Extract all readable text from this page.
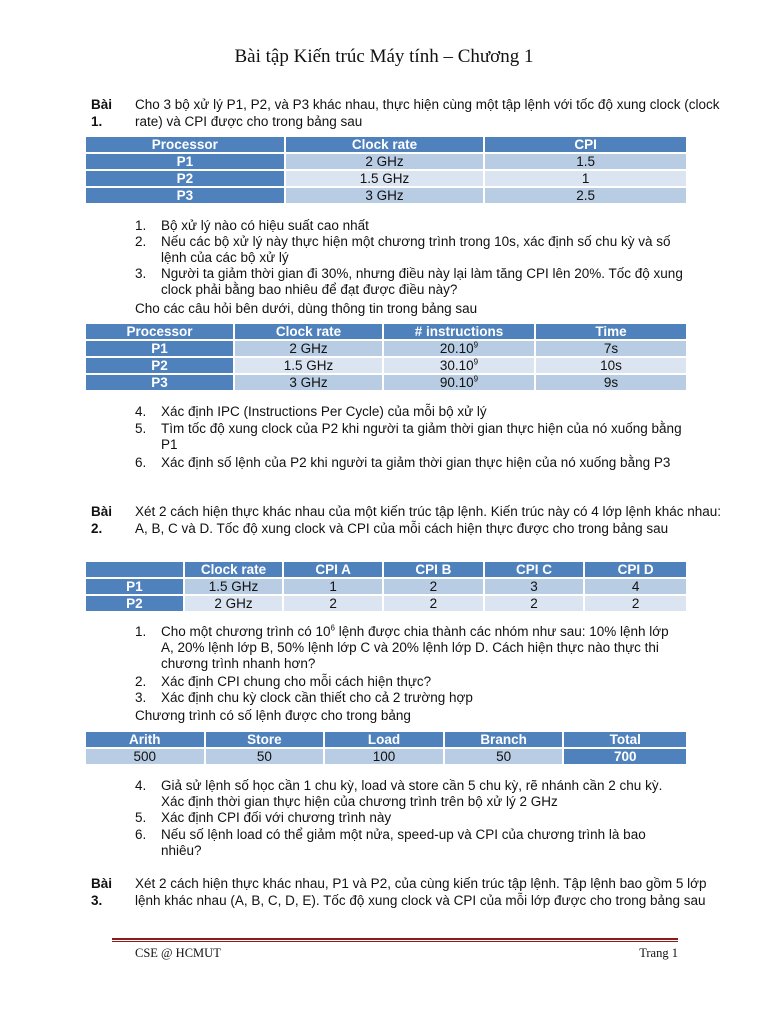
Bài tập Kiến trúc Máy tính – Chương 1
Bài 1.
Cho 3 bộ xử lý P1, P2, và P3 khác nhau, thực hiện cùng một tập lệnh với tốc độ xung clock (clock rate) và CPI được cho trong bảng sau
Processor	Clock rate	CPI
P1	2 GHz	1.5
P2	1.5 GHz	1
P3	3 GHz	2.5
1. Bộ xử lý nào có hiệu suất cao nhất
2. Nếu các bộ xử lý này thực hiện một chương trình trong 10s, xác định số chu kỳ và số lệnh của các bộ xử lý
3. Người ta giảm thời gian đi 30%, nhưng điều này lại làm tăng CPI lên 20%. Tốc độ xung clock phải bằng bao nhiêu để đạt được điều này?
Cho các câu hỏi bên dưới, dùng thông tin trong bảng sau
Processor	Clock rate	# instructions	Time
P1	2 GHz	20.10$^9$	7s
P2	1.5 GHz	30.10$^9$	10s
P3	3 GHz	90.10$^9$	9s
4. Xác định IPC (Instructions Per Cycle) của mỗi bộ xử lý
5. Tìm tốc độ xung clock của P2 khi người ta giảm thời gian thực hiện của nó xuống bằng P1
6. Xác định số lệnh của P2 khi người ta giảm thời gian thực hiện của nó xuống bằng P3
Bài 2.
Xét 2 cách hiện thực khác nhau của một kiến trúc tập lệnh. Kiến trúc này có 4 lớp lệnh khác nhau: A, B, C và D. Tốc độ xung clock và CPI của mỗi cách hiện thực được cho trong bảng sau
	Clock rate	CPI A	CPI B	CPI C	CPI D
P1	1.5 GHz	1	2	3	4
P2	2 GHz	2	2	2	2
1. Cho một chương trình có $10^6$ lệnh được chia thành các nhóm như sau: 10% lệnh lớp A, 20% lệnh lớp B, 50% lệnh lớp C và 20% lệnh lớp D. Cách hiện thực nào thực thi chương trình nhanh hơn?
2. Xác định CPI chung cho mỗi cách hiện thực?
3. Xác định chu kỳ clock cần thiết cho cả 2 trường hợp
Chương trình có số lệnh được cho trong bảng
Arith	Store	Load	Branch	Total
500	50	100	50	700
4. Giả sử lệnh số học cần 1 chu kỳ, load và store cần 5 chu kỳ, rẽ nhánh cần 2 chu kỳ. Xác định thời gian thực hiện của chương trình trên bộ xử lý 2 GHz
5. Xác định CPI đối với chương trình này
6. Nếu số lệnh load có thể giảm một nửa, speed-up và CPI của chương trình là bao nhiêu?
Bài 3.
Xét 2 cách hiện thực khác nhau, P1 và P2, của cùng kiến trúc tập lệnh. Tập lệnh bao gồm 5 lớp lệnh khác nhau (A, B, C, D, E). Tốc độ xung clock và CPI của mỗi lớp được cho trong bảng sau
CSE @ HCMUT	Trang 1
